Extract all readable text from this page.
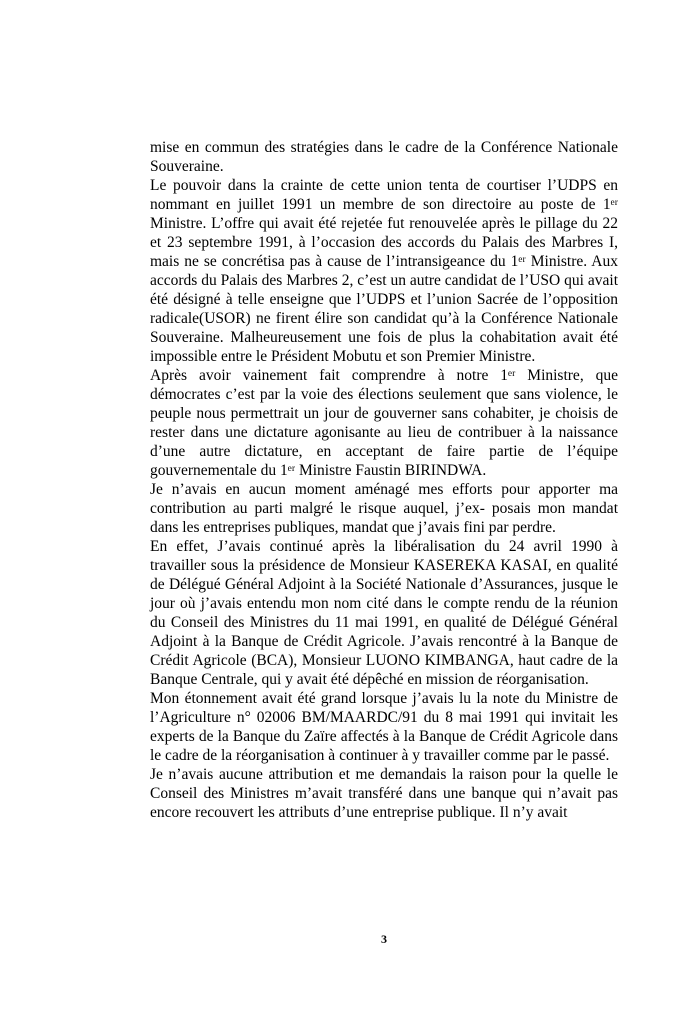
mise en commun des stratégies dans le cadre de la Conférence Nationale Souveraine.

Le pouvoir dans la crainte de cette union tenta de courtiser l’UDPS en nommant en juillet 1991 un membre de son directoire au poste de 1ᵉʳ Ministre. L’offre qui avait été rejetée fut renouvelée après le pillage du 22 et 23 septembre 1991, à l’occasion des accords du Palais des Marbres I, mais ne se concrétisa pas à cause de l’intransigeance du 1ᵉʳ Ministre. Aux accords du Palais des Marbres 2, c’est un autre candidat de l’USO qui avait été désigné à telle enseigne que l’UDPS et l’union Sacrée de l’opposition radicale(USOR) ne firent élire son candidat qu’à la Conférence Nationale Souveraine. Malheureusement une fois de plus la cohabitation avait été impossible entre le Président Mobutu et son Premier Ministre.

Après avoir vainement fait comprendre à notre 1ᵉʳ Ministre, que démocrates c’est par la voie des élections seulement que sans violence, le peuple nous permettrait un jour de gouverner sans cohabiter, je choisis de rester dans une dictature agonisante au lieu de contribuer à la naissance d’une autre dictature, en acceptant de faire partie de l’équipe gouvernementale du 1ᵉʳ Ministre Faustin BIRINDWA.

Je n’avais en aucun moment aménagé mes efforts pour apporter ma contribution au parti malgré le risque auquel, j’ex- posais mon mandat dans les entreprises publiques, mandat que j’avais fini par perdre.

En effet, J’avais continué après la libéralisation du 24 avril 1990 à travailler sous la présidence de Monsieur KASEREKA KASAI, en qualité de Délégué Général Adjoint à la Société Nationale d’Assurances, jusque le jour où j’avais entendu mon nom cité dans le compte rendu de la réunion du Conseil des Ministres du 11 mai 1991, en qualité de Délégué Général Adjoint à la Banque de Crédit Agricole. J’avais rencontré à la Banque de Crédit Agricole (BCA), Monsieur LUONO KIMBANGA, haut cadre de la Banque Centrale, qui y avait été dépêché en mission de réorganisation.

Mon étonnement avait été grand lorsque j’avais lu la note du Ministre de l’Agriculture n° 02006 BM/MAARDC/91 du 8 mai 1991 qui invitait les experts de la Banque du Zaïre affectés à la Banque de Crédit Agricole dans le cadre de la réorganisation à continuer à y travailler comme par le passé.

Je n’avais aucune attribution et me demandais la raison pour la quelle le Conseil des Ministres m’avait transféré dans une banque qui n’avait pas encore recouvert les attributs d’une entreprise publique. Il n’y avait

3
